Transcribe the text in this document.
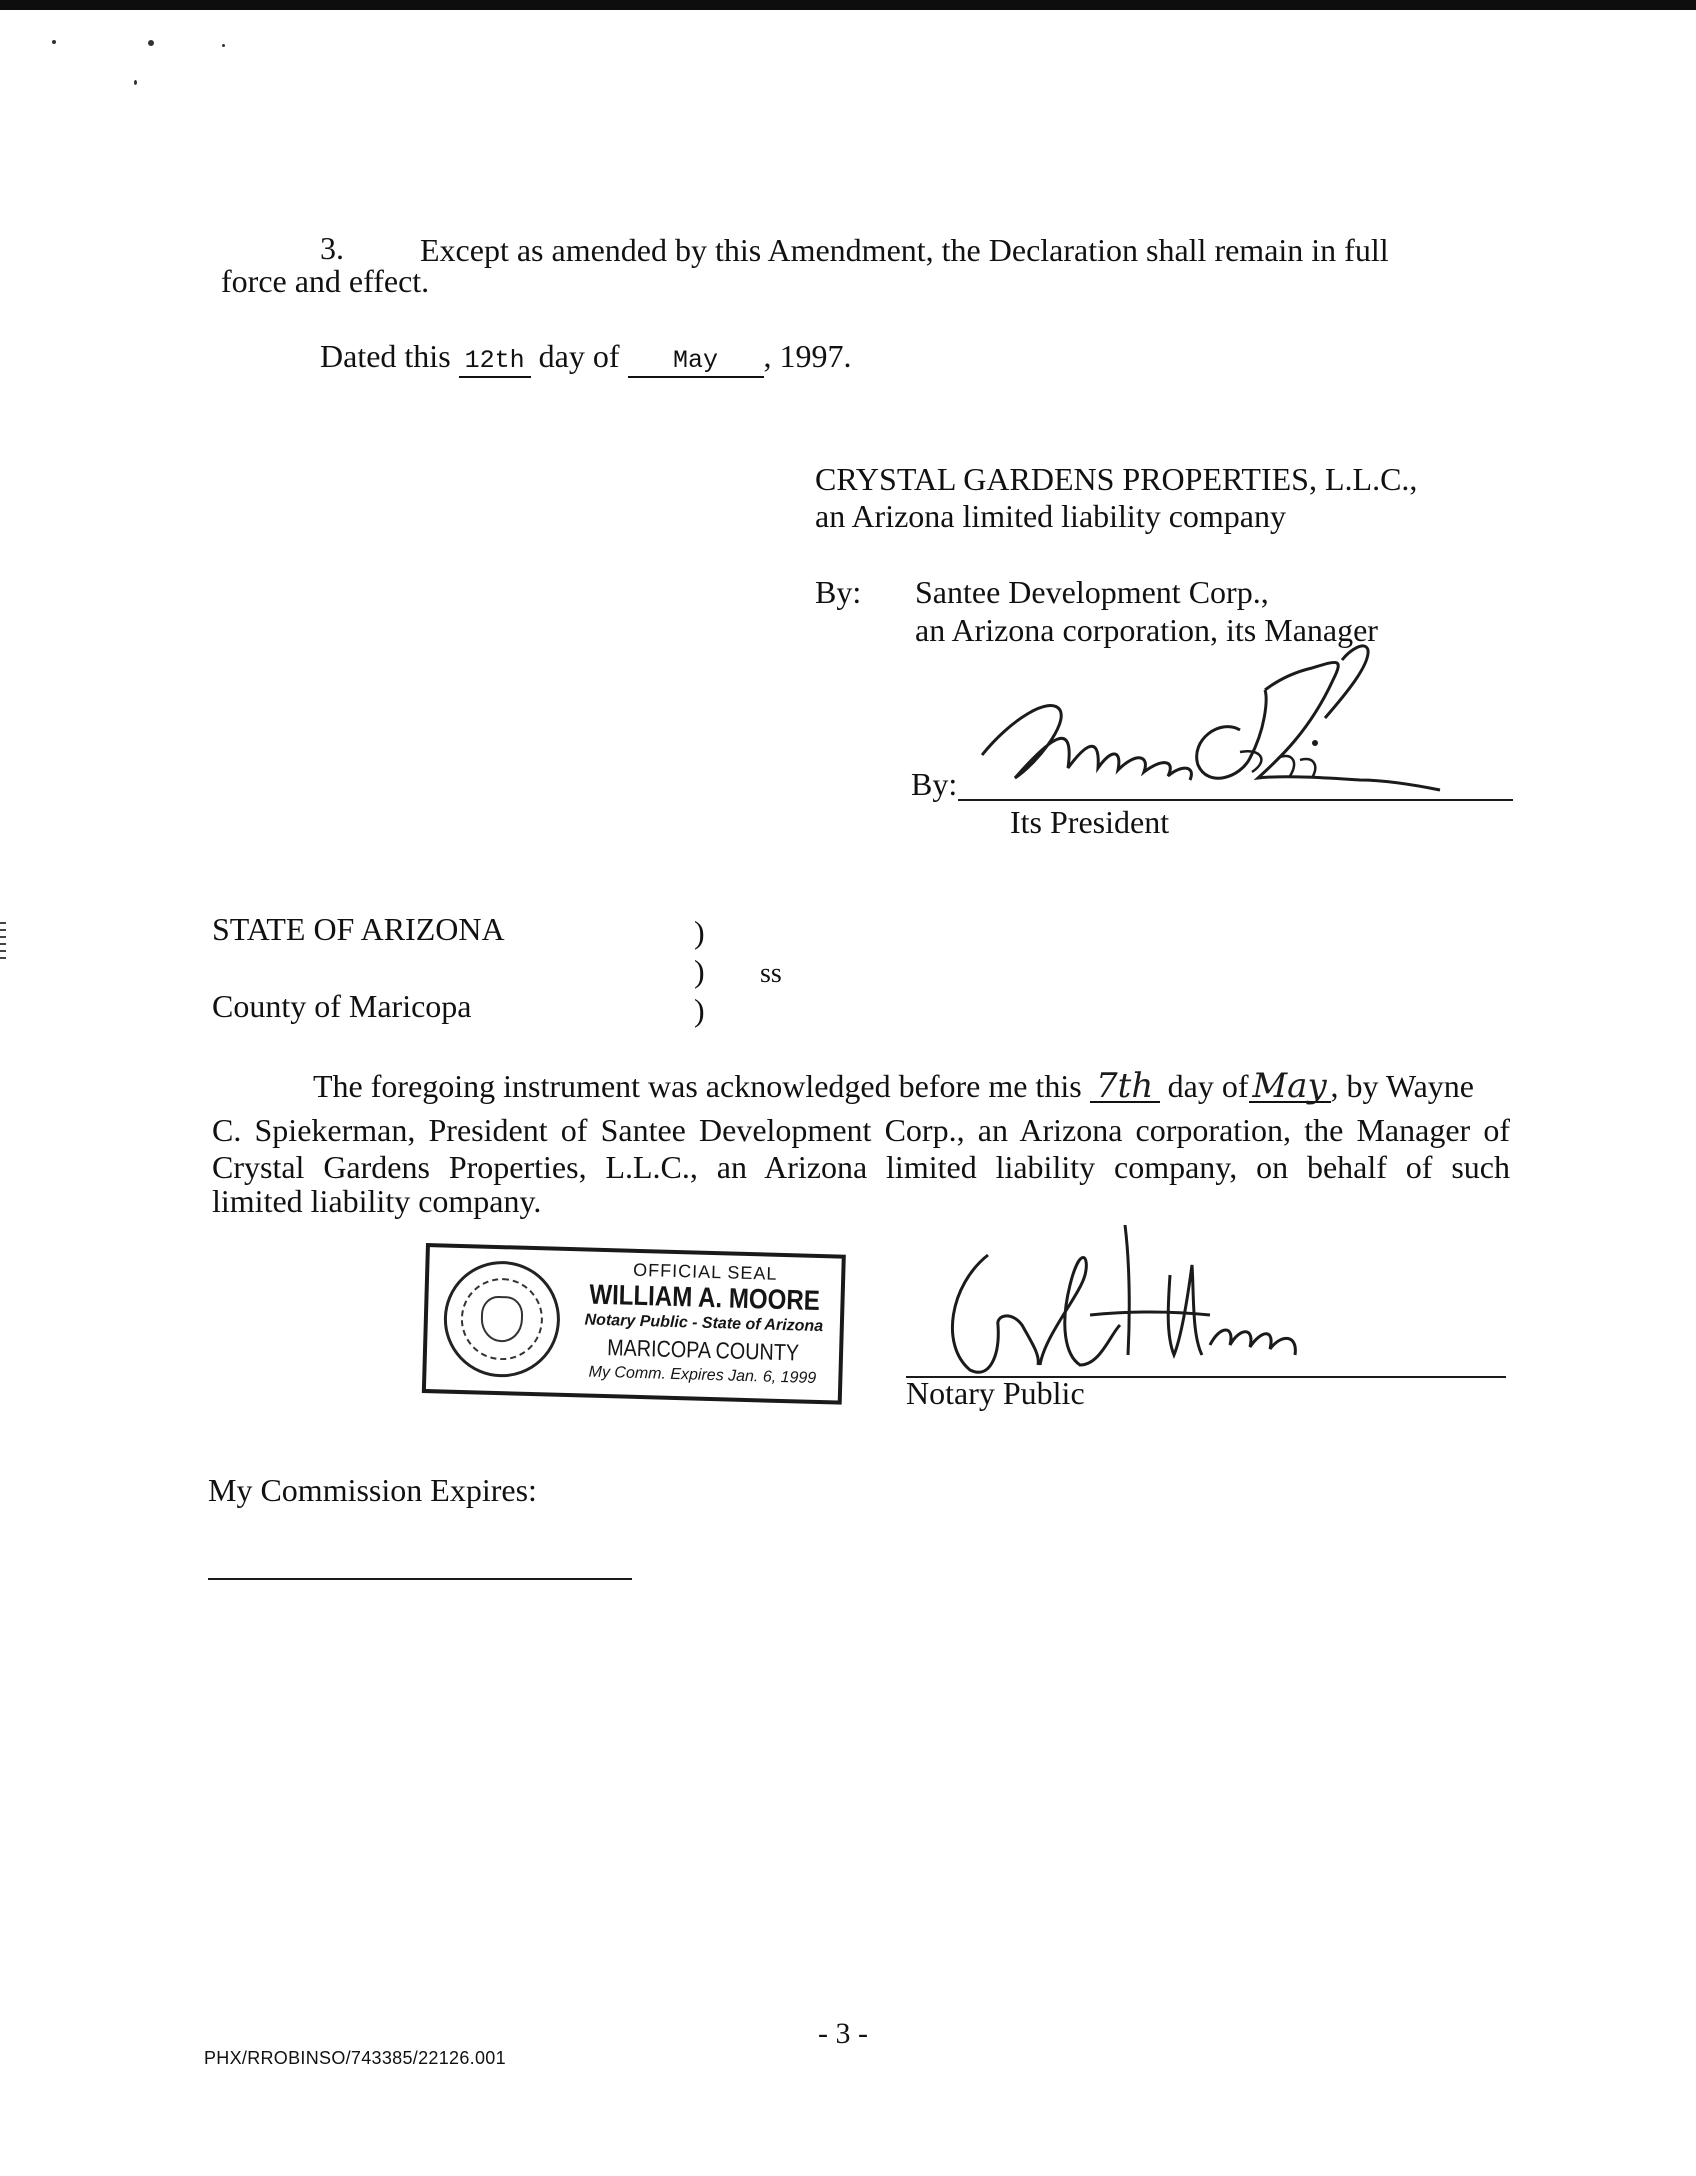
3. Except as amended by this Amendment, the Declaration shall remain in full
force and effect.
Dated this 12th day of May , 1997.
CRYSTAL GARDENS PROPERTIES, L.L.C.,
an Arizona limited liability company
By: Santee Development Corp.,
an Arizona corporation, its Manager
By:
Its President
STATE OF ARIZONA
County of Maricopa
)
)
)
ss
The foregoing instrument was acknowledged before me this 7th day of May , by Wayne
C. Spiekerman, President of Santee Development Corp., an Arizona corporation, the Manager of
Crystal Gardens Properties, L.L.C., an Arizona limited liability company, on behalf of such
limited liability company.
OFFICIAL SEAL
WILLIAM A. MOORE
Notary Public - State of Arizona
MARICOPA COUNTY
My Comm. Expires Jan. 6, 1999	Notary Public
My Commission Expires:
- 3 -
PHX/RROBINSO/743385/22126.001
